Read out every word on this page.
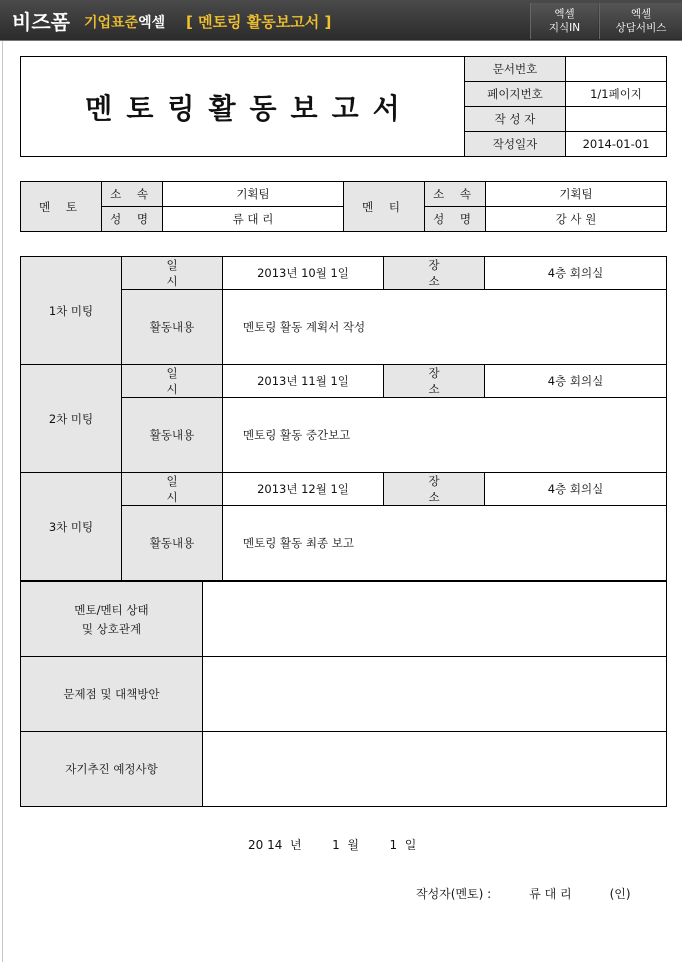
비즈폼 기업표준엑셀 [ 멘토링 활동보고서 ]	엑셀
지식IN
엑셀
상담서비스
멘토링활동보고서	문서번호	
	페이지번호	1/1페이지
	작 성 자	
	작성일자	2014-01-01
멘 토	소 속	기획팀	멘 티	소 속	기획팀
	성 명	류 대 리		성 명	강 사 원
1차 미팅	일 시	2013년 10월 1일	장 소	4층 회의실
	활동내용	멘토링 활동 계획서 작성		
2차 미팅	일 시	2013년 11월 1일	장 소	4층 회의실
	활동내용	멘토링 활동 중간보고		
3차 미팅	일 시	2013년 12월 1일	장 소	4층 회의실
	활동내용	멘토링 활동 최종 보고		
멘토/멘티 상태
및 상호관계	

문제점 및 대책방안	
자기추진 예정사항	
20 14  년        1  월        1  일
작성자(멘토) :	류 대 리	(인)
